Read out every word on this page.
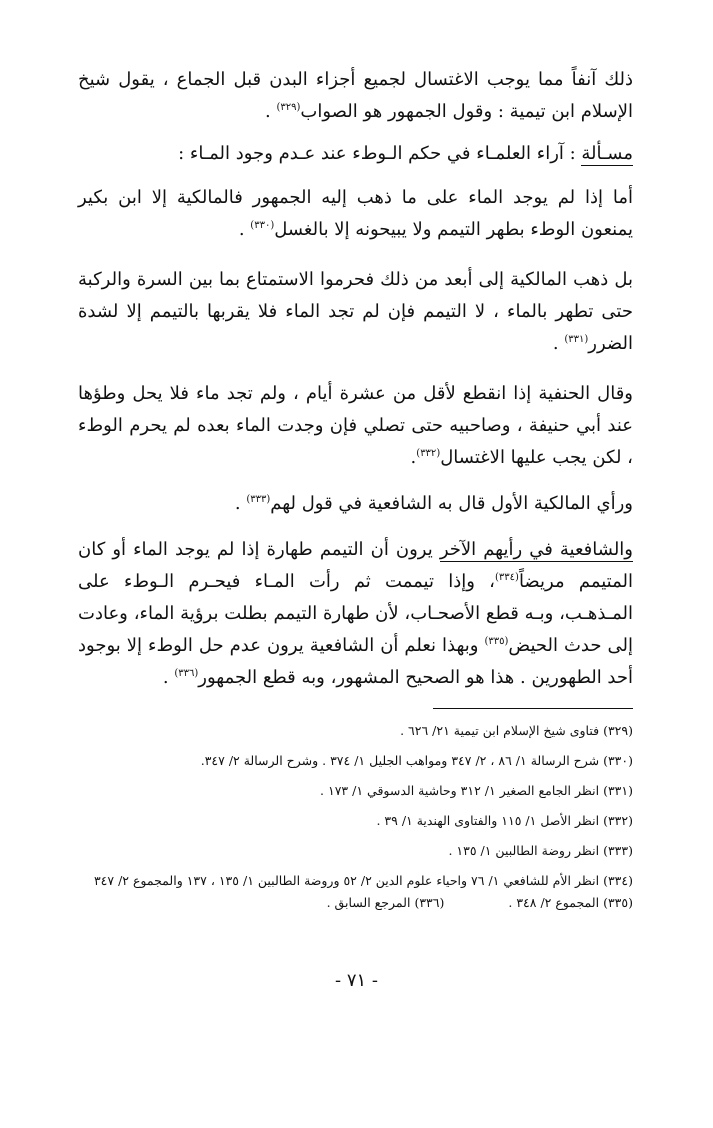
ذلك آنفاً مما يوجب الاغتسال لجميع أجزاء البدن قبل الجماع ، يقول شيخ الإسلام ابن تيمية : وقول الجمهور هو الصواب$^{(٣٢٩)}$ .

مسـألة : آراء العلمـاء في حكم الـوطء عند عـدم وجود المـاء :

أما إذا لم يوجد الماء على ما ذهب إليه الجمهور فالمالكية إلا ابن بكير يمنعون الوطء بطهر التيمم ولا يبيحونه إلا بالغسل$^{(٣٣٠)}$ .

بل ذهب المالكية إلى أبعد من ذلك فحرموا الاستمتاع بما بين السرة والركبة حتى تطهر بالماء ، لا التيمم فإن لم تجد الماء فلا يقربها بالتيمم إلا لشدة الضرر$^{(٣٣١)}$ .

وقال الحنفية إذا انقطع لأقل من عشرة أيام ، ولم تجد ماء فلا يحل وطؤها عند أبي حنيفة ، وصاحبيه حتى تصلي فإن وجدت الماء بعده لم يحرم الوطء ، لكن يجب عليها الاغتسال$^{(٣٣٢)}$.

ورأي المالكية الأول قال به الشافعية في قول لهم$^{(٣٣٣)}$ .

والشافعية في رأيهم الآخر يرون أن التيمم طهارة إذا لم يوجد الماء أو كان المتيمم مريضاً$^{(٣٣٤)}$، وإذا تيممت ثم رأت المـاء فيحـرم الـوطء على المـذهـب، وبـه قطع الأصحـاب، لأن طهارة التيمم بطلت برؤية الماء، وعادت إلى حدث الحيض$^{(٣٣٥)}$ وبهذا نعلم أن الشافعية يرون عدم حل الوطء إلا بوجود أحد الطهورين . هذا هو الصحيح المشهور، وبه قطع الجمهور$^{(٣٣٦)}$ .

(٣٢٩) فتاوى شيخ الإسلام ابن تيمية ٢١/ ٦٢٦ .
(٣٣٠) شرح الرسالة ١/ ٨٦ ، ٢/ ٣٤٧ ومواهب الجليل ١/ ٣٧٤ . وشرح الرسالة ٢/ ٣٤٧.
(٣٣١) انظر الجامع الصغير ١/ ٣١٢ وحاشية الدسوقي ١/ ١٧٣ .
(٣٣٢) انظر الأصل ١/ ١١٥ والفتاوى الهندية ١/ ٣٩ .
(٣٣٣) انظر روضة الطالبين ١/ ١٣٥ .
(٣٣٤) انظر الأم للشافعي ١/ ٧٦ واحياء علوم الدين ٢/ ٥٢ وروضة الطالبين ١/ ١٣٥ ، ١٣٧ والمجموع ٢/ ٣٤٧
(٣٣٥) المجموع ٢/ ٣٤٨ . (٣٣٦) المرجع السابق .
- ٧١ -
